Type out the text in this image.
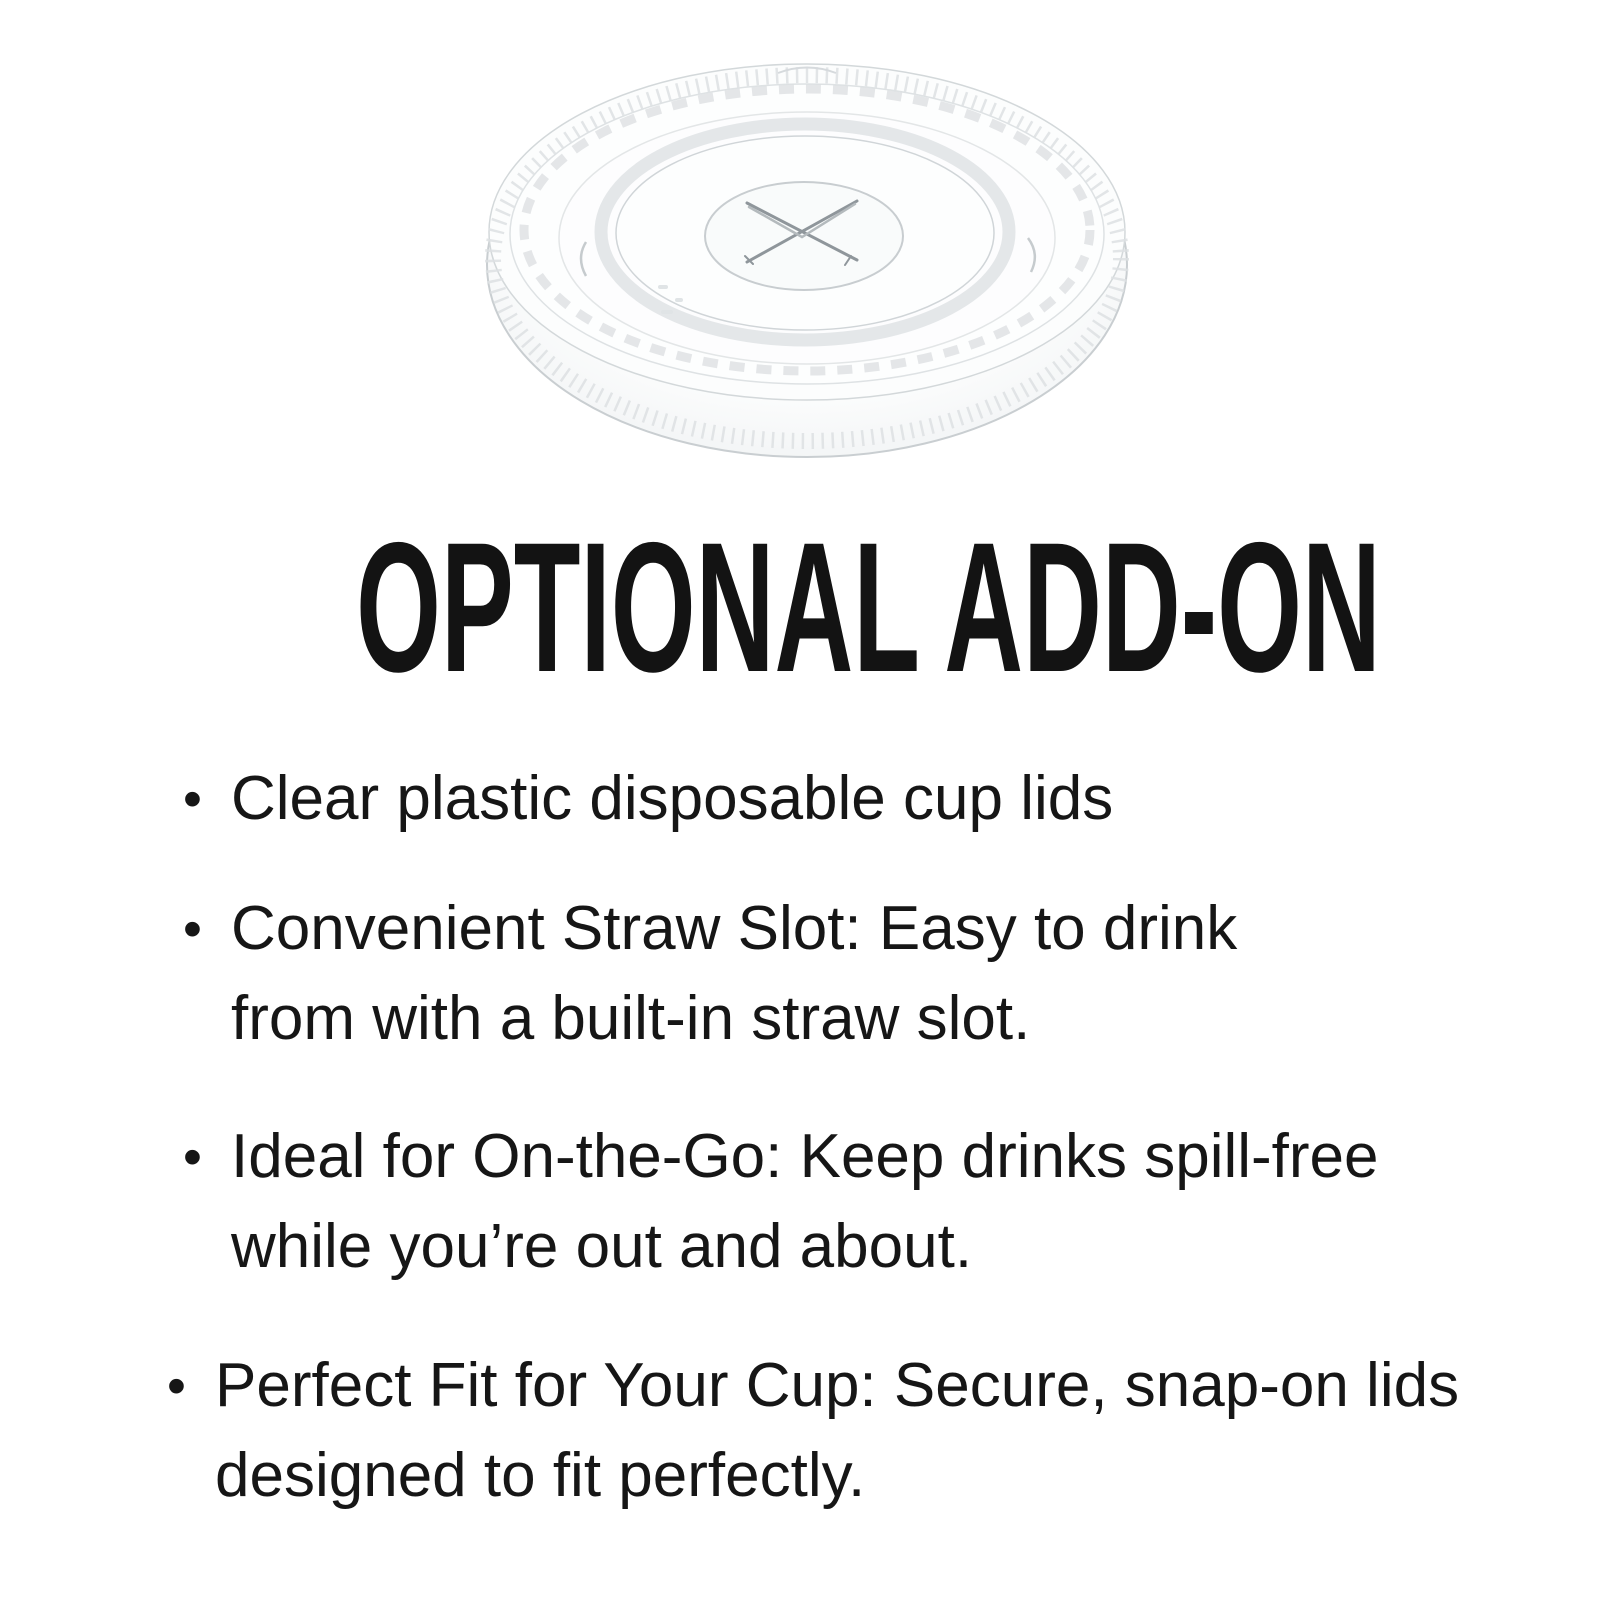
OPTIONAL ADD-ON
• Clear plastic disposable cup lids
• Convenient Straw Slot: Easy to drink
from with a built-in straw slot.
• Ideal for On-the-Go: Keep drinks spill-free
while you’re out and about.
• Perfect Fit for Your Cup: Secure, snap-on lids
designed to fit perfectly.
